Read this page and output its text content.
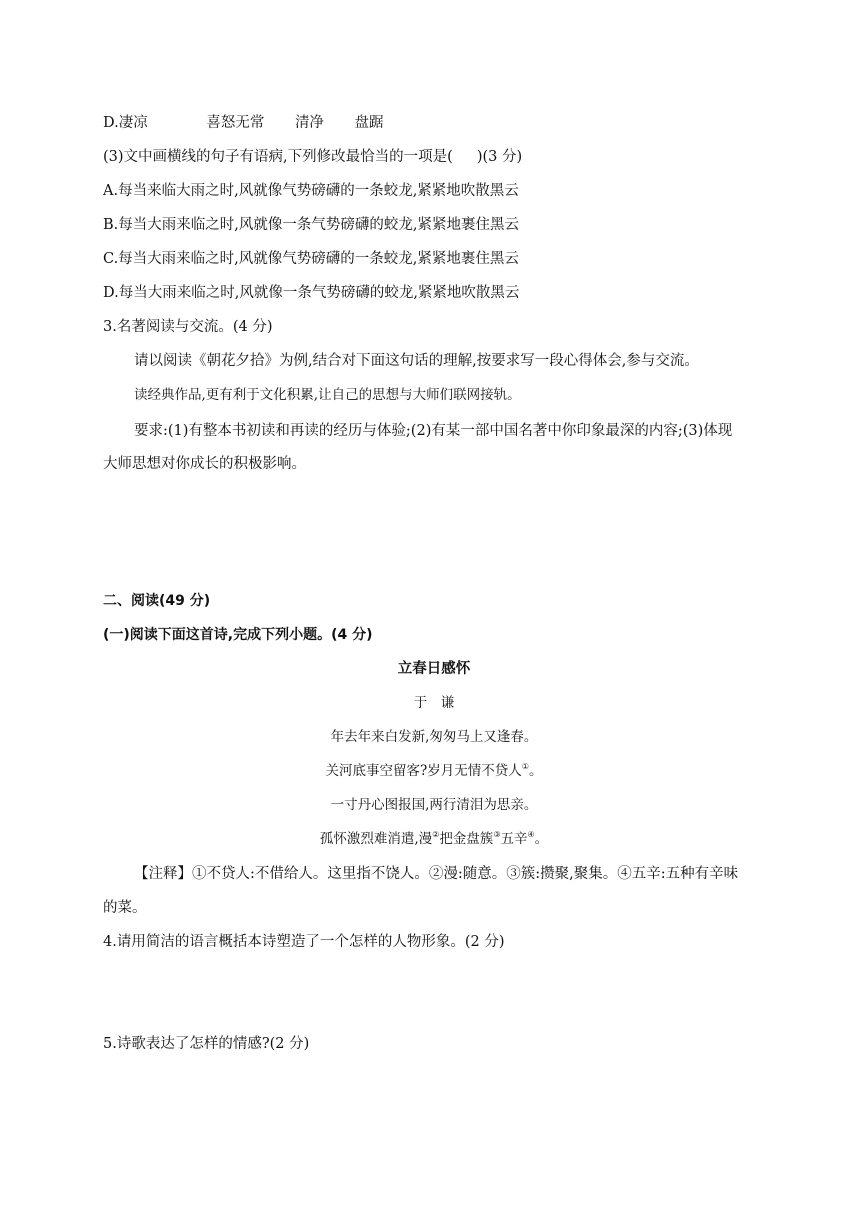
D.凄凉	喜怒无常 清净 盘踞
(3)文中画横线的句子有语病,下列修改最恰当的一项是( )(3 分)
A.每当来临大雨之时,风就像气势磅礴的一条蛟龙,紧紧地吹散黑云
B.每当大雨来临之时,风就像一条气势磅礴的蛟龙,紧紧地裹住黑云
C.每当大雨来临之时,风就像气势磅礴的一条蛟龙,紧紧地裹住黑云
D.每当大雨来临之时,风就像一条气势磅礴的蛟龙,紧紧地吹散黑云
3.名著阅读与交流。(4 分)
请以阅读《朝花夕拾》为例,结合对下面这句话的理解,按要求写一段心得体会,参与交流。
读经典作品,更有利于文化积累,让自己的思想与大师们联网接轨。
要求:(1)有整本书初读和再读的经历与体验;(2)有某一部中国名著中你印象最深的内容;(3)体现
大师思想对你成长的积极影响。
二、阅读(49 分)
(一)阅读下面这首诗,完成下列小题。(4 分)
立春日感怀
于　谦
年去年来白发新,匆匆马上又逢春。
关河底事空留客?岁月无情不贷人①。
一寸丹心图报国,两行清泪为思亲。
孤怀激烈难消遣,漫②把金盘簇③五辛④。
【注释】①不贷人:不借给人。这里指不饶人。②漫:随意。③簇:攒聚,聚集。④五辛:五种有辛味
的菜。
4.请用简洁的语言概括本诗塑造了一个怎样的人物形象。(2 分)
5.诗歌表达了怎样的情感?(2 分)
